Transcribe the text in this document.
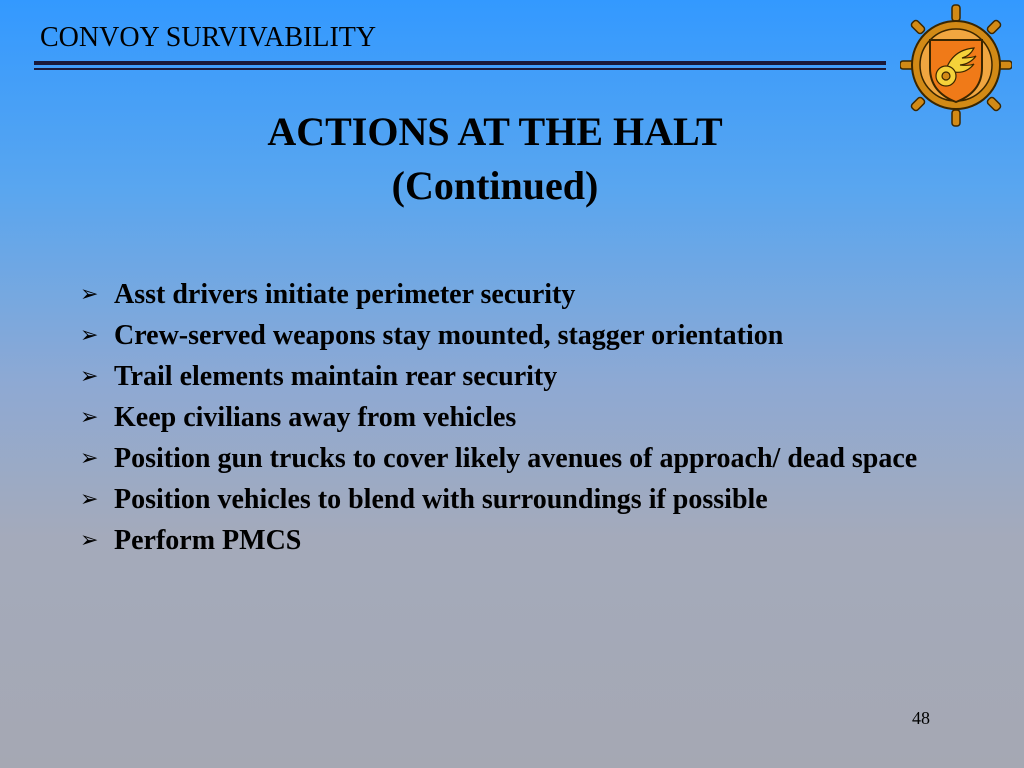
CONVOY SURVIVABILITY
ACTIONS AT THE HALT
(Continued)
➢ Asst drivers initiate perimeter security
➢ Crew-served weapons stay mounted, stagger orientation
➢ Trail elements maintain rear security
➢ Keep civilians away from vehicles
➢ Position gun trucks to cover likely avenues of approach/ dead space
➢ Position vehicles to blend with surroundings if possible
➢ Perform PMCS
48
